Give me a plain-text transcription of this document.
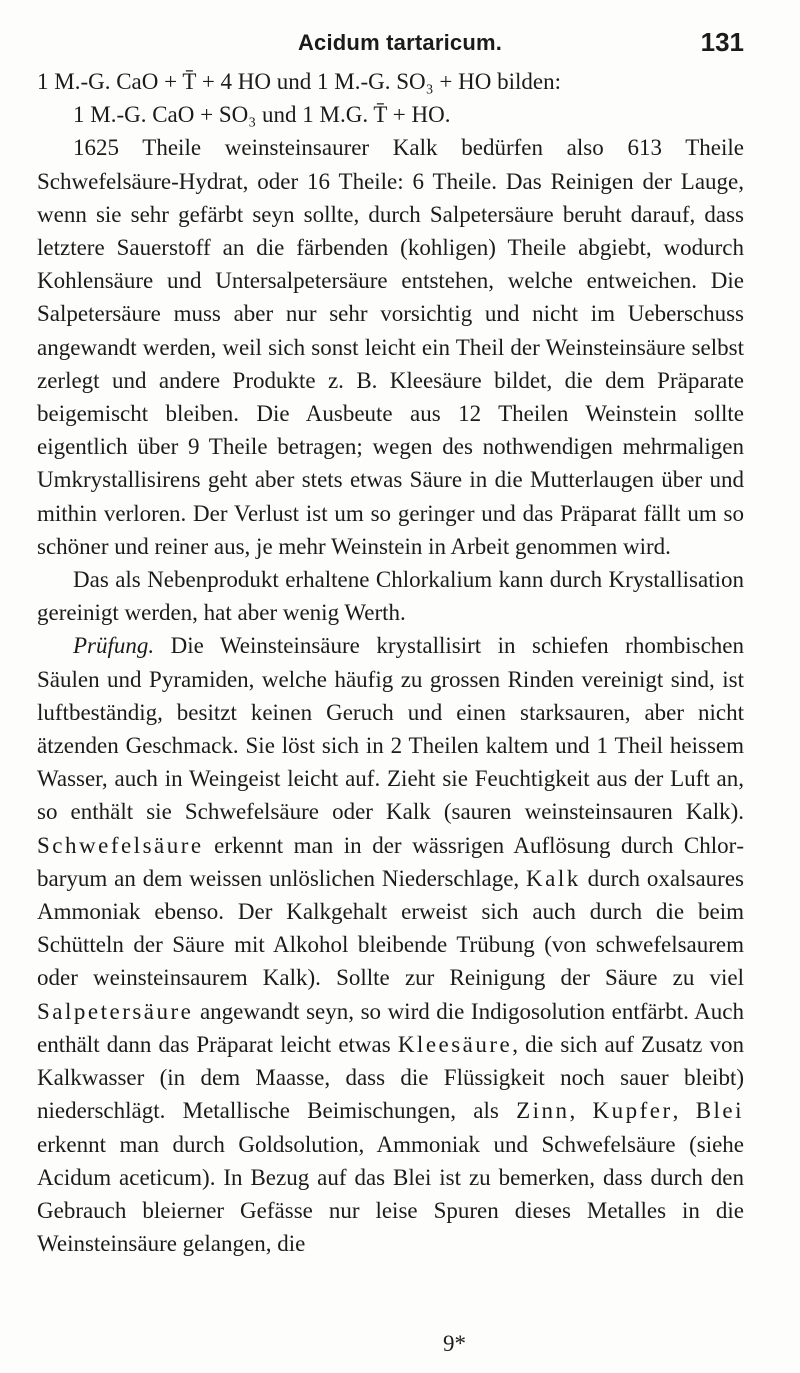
Acidum tartaricum.	131

1 M.-G. CaO + T̄ + 4 HO und 1 M.-G. SO₃ + HO bilden:

1 M.-G. CaO + SO₃ und 1 M.G. T̄ + HO.

1625 Theile weinsteinsaurer Kalk bedürfen also 613 Theile Schwefelsäure-Hydrat, oder 16 Theile: 6 Theile. Das Reinigen der Lauge, wenn sie sehr gefärbt seyn sollte, durch Salpetersäure beruht darauf, dass letztere Sauerstoff an die färbenden (kohligen) Theile abgiebt, wodurch Kohlensäure und Untersalpetersäure entstehen, welche entweichen. Die Salpetersäure muss aber nur sehr vorsichtig und nicht im Ueberschuss angewandt werden, weil sich sonst leicht ein Theil der Weinsteinsäure selbst zerlegt und andere Produkte z. B. Kleesäure bildet, die dem Präparate beigemischt bleiben. Die Ausbeute aus 12 Theilen Weinstein sollte eigentlich über 9 Theile betragen; wegen des nothwendigen mehrmaligen Umkrystallisirens geht aber stets etwas Säure in die Mutterlaugen über und mithin verloren. Der Verlust ist um so geringer und das Präparat fällt um so schöner und reiner aus, je mehr Weinstein in Arbeit genommen wird.

Das als Nebenprodukt erhaltene Chlorkalium kann durch Krystallisation gereinigt werden, hat aber wenig Werth.

Prüfung. Die Weinsteinsäure krystallisirt in schiefen rhombischen Säulen und Pyramiden, welche häufig zu grossen Rinden vereinigt sind, ist luftbeständig, besitzt keinen Geruch und einen starksauren, aber nicht ätzenden Geschmack. Sie löst sich in 2 Theilen kaltem und 1 Theil heissem Wasser, auch in Weingeist leicht auf. Zieht sie Feuchtigkeit aus der Luft an, so enthält sie Schwefelsäure oder Kalk (sauren weinsteinsauren Kalk). Schwefelsäure erkennt man in der wässrigen Auflösung durch Chlorbaryum an dem weissen unlöslichen Niederschlage, Kalk durch oxalsaures Ammoniak ebenso. Der Kalkgehalt erweist sich auch durch die beim Schütteln der Säure mit Alkohol bleibende Trübung (von schwefelsaurem oder weinsteinsaurem Kalk). Sollte zur Reinigung der Säure zu viel Salpetersäure angewandt seyn, so wird die Indigosolution entfärbt. Auch enthält dann das Präparat leicht etwas Kleesäure, die sich auf Zusatz von Kalkwasser (in dem Maasse, dass die Flüssigkeit noch sauer bleibt) niederschlägt. Metallische Beimischungen, als Zinn, Kupfer, Blei erkennt man durch Goldsolution, Ammoniak und Schwefelsäure (siehe Acidum aceticum). In Bezug auf das Blei ist zu bemerken, dass durch den Gebrauch bleierner Gefässe nur leise Spuren dieses Metalles in die Weinsteinsäure gelangen, die

9*
